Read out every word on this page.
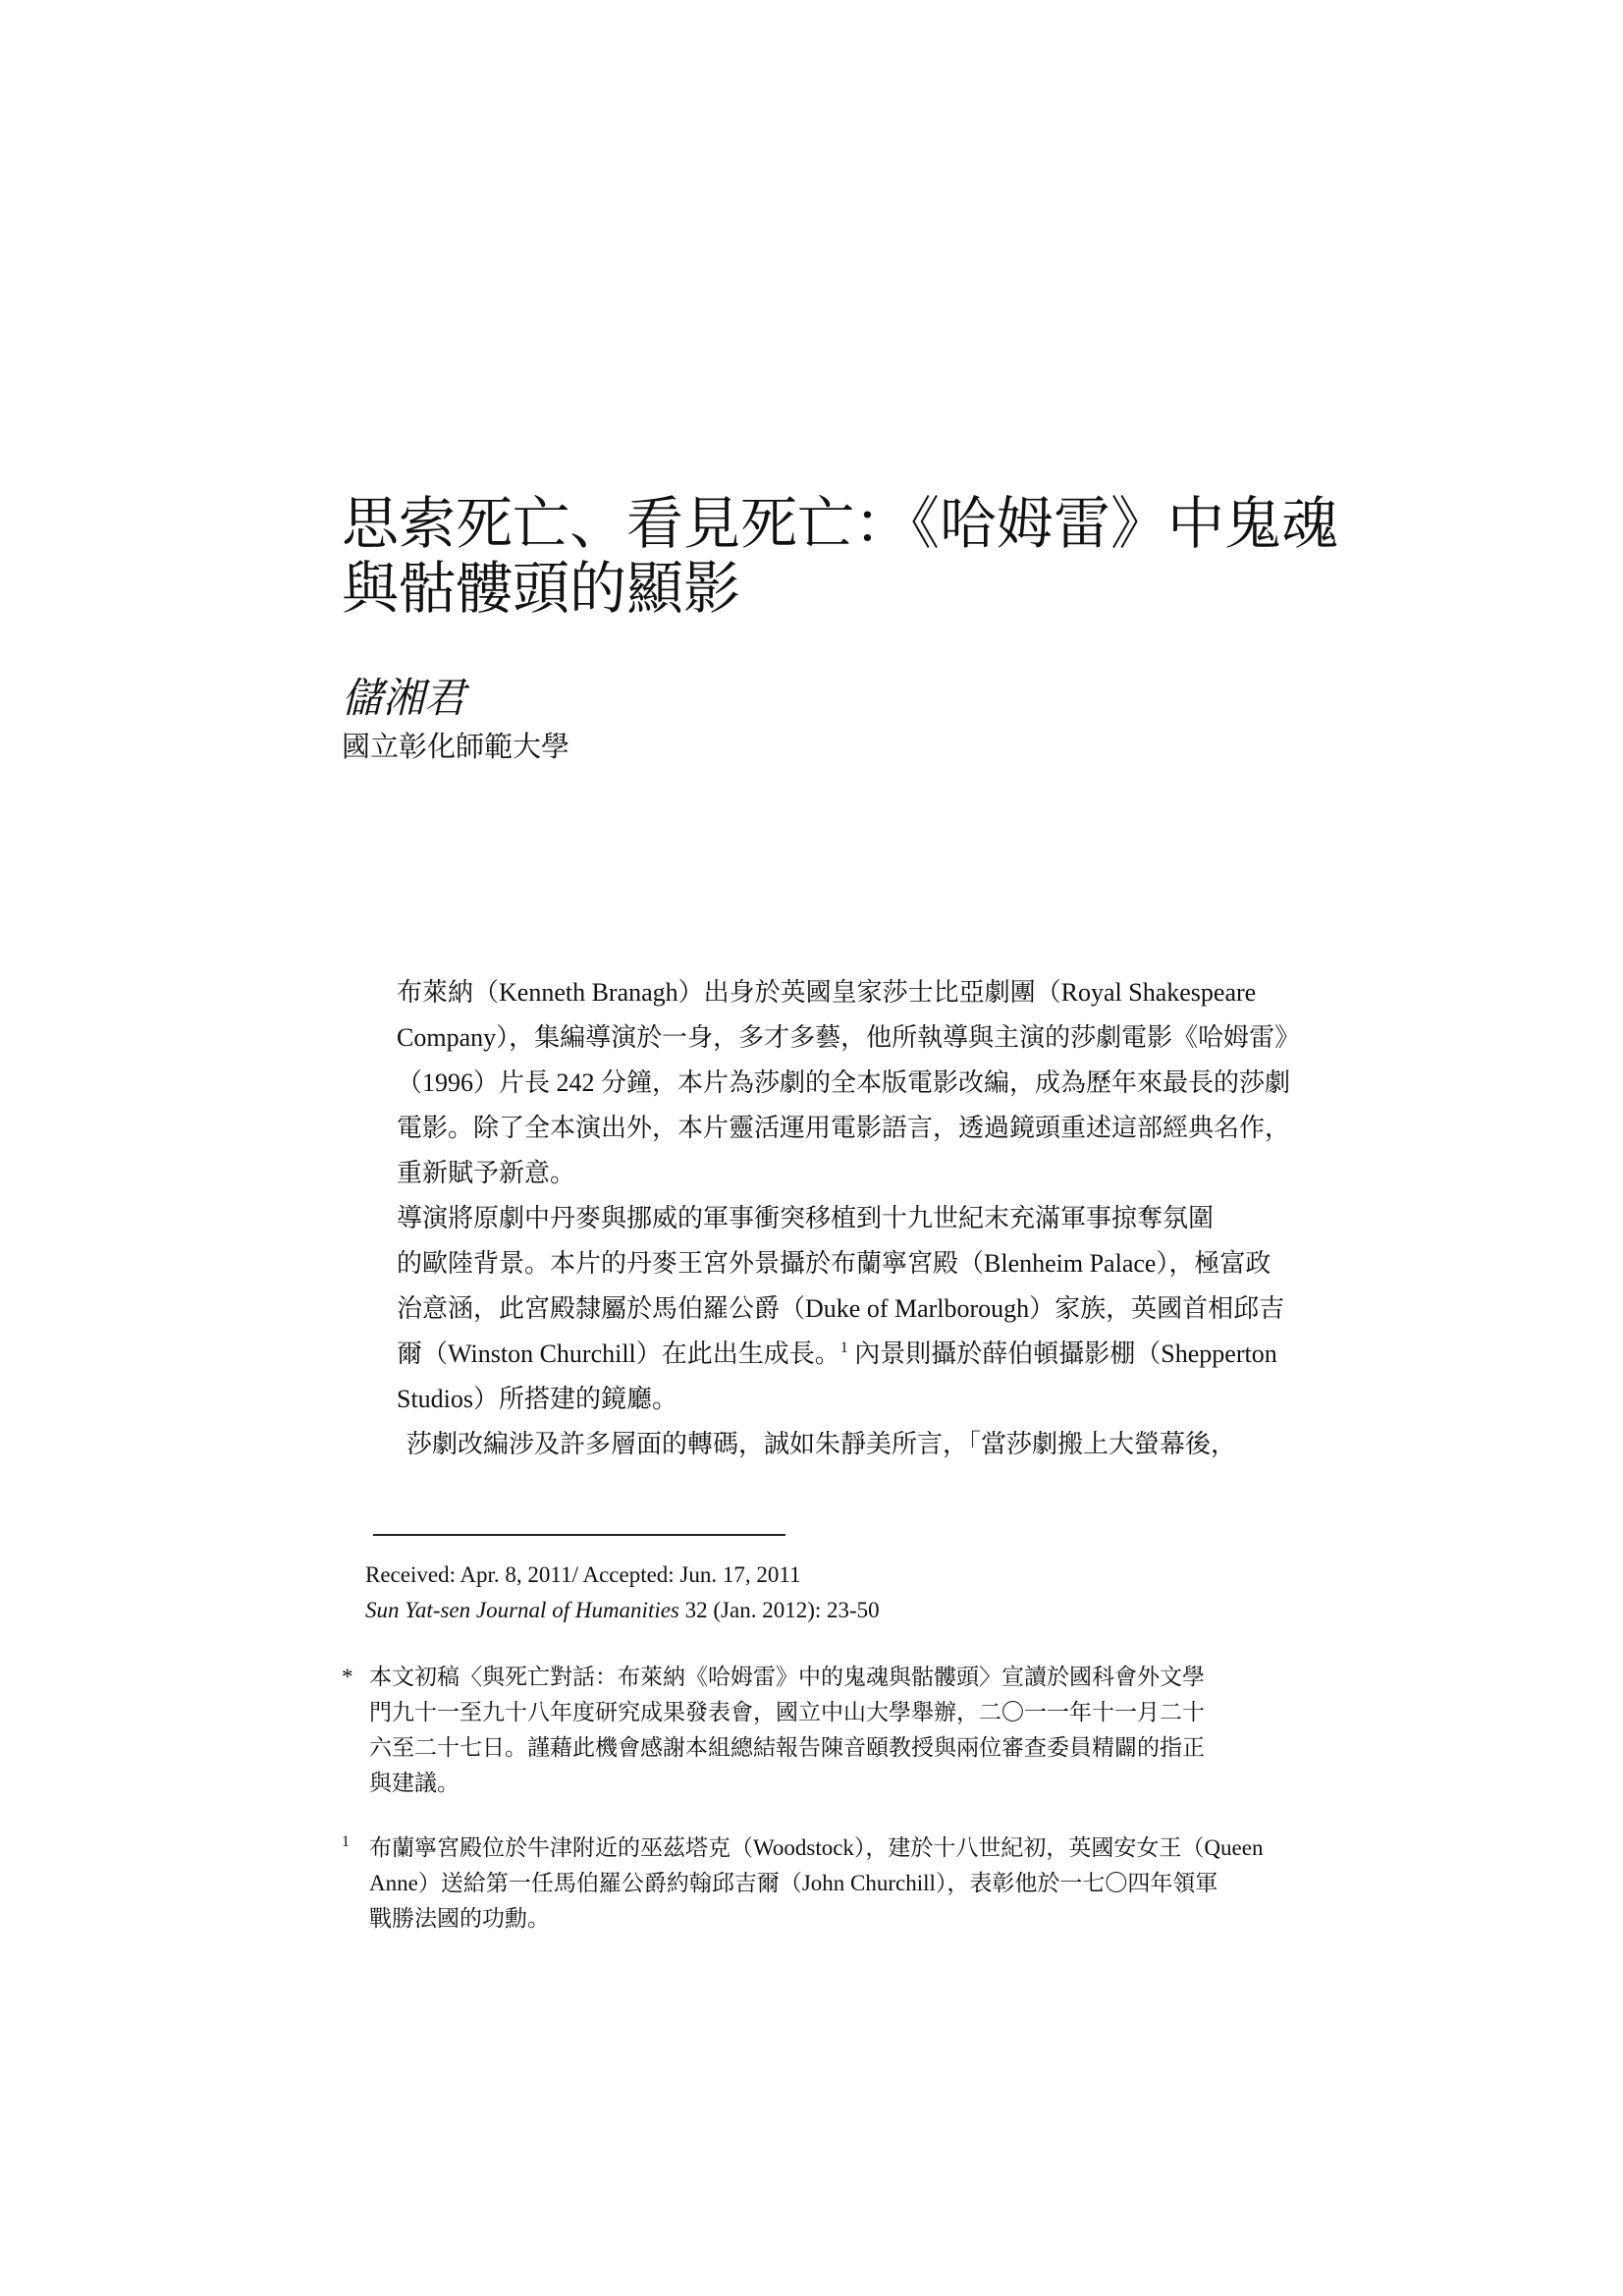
思索死亡、看見死亡：《哈姆雷》中鬼魂
與骷髏頭的顯影
儲湘君
國立彰化師範大學

布萊納（Kenneth Branagh）出身於英國皇家莎士比亞劇團（Royal Shakespeare
Company），集編導演於一身，多才多藝，他所執導與主演的莎劇電影《哈姆雷》
（1996）片長 242 分鐘，本片為莎劇的全本版電影改編，成為歷年來最長的莎劇
電影。除了全本演出外，本片靈活運用電影語言，透過鏡頭重述這部經典名作，
重新賦予新意。

導演將原劇中丹麥與挪威的軍事衝突移植到十九世紀末充滿軍事掠奪氛圍
的歐陸背景。本片的丹麥王宮外景攝於布蘭寧宮殿（Blenheim Palace），極富政
治意涵，此宮殿隸屬於馬伯羅公爵（Duke of Marlborough）家族，英國首相邱吉
爾（Winston Churchill）在此出生成長。$^1$ 內景則攝於薛伯頓攝影棚（Shepperton
Studios）所搭建的鏡廳。

莎劇改編涉及許多層面的轉碼，誠如朱靜美所言，「當莎劇搬上大螢幕後，

Received: Apr. 8, 2011/ Accepted: Jun. 17, 2011
Sun Yat-sen Journal of Humanities 32 (Jan. 2012): 23-50
* 本文初稿〈與死亡對話：布萊納《哈姆雷》中的鬼魂與骷髏頭〉宣讀於國科會外文學
門九十一至九十八年度研究成果發表會，國立中山大學舉辦，二〇一一年十一月二十
六至二十七日。謹藉此機會感謝本組總結報告陳音頤教授與兩位審查委員精闢的指正
與建議。
1 布蘭寧宮殿位於牛津附近的巫茲塔克（Woodstock），建於十八世紀初，英國安女王（Queen
Anne）送給第一任馬伯羅公爵約翰邱吉爾（John Churchill），表彰他於一七〇四年領軍
戰勝法國的功勳。
